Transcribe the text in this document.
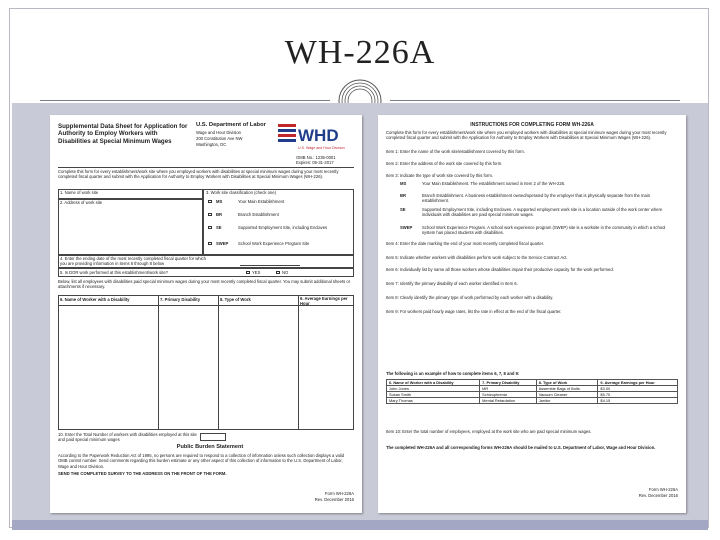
WH-226A
Supplemental Data Sheet for Application for Authority to Employ Workers with Disabilities at Special Minimum Wages
U.S. Department of Labor
Wage and Hour Division
200 Constitution Ave NW
Washington, DC	WHD
U.S. Wage and Hour Division
OMB No.: 1235-0001
Expires: 05-31-2017
Complete this form for every establishment/work site where you employed workers with disabilities at special minimum wages during your most recently completed fiscal quarter and submit with the Application for Authority to Employ Workers with Disabilities at Special Minimum Wages (WH-226).
1. Name of work site
2. Address of work site
3. Work site classification (check one)
MS	Your Main Establishment
BR	Branch Establishment
SE	Supported Employment Site, including Enclaves
SWEP School Work Experience Program Site
4. Enter the ending date of the most recently completed fiscal quarter for which you are providing information in items 6 through 8 below
5. Is DOR work performed at this establishment/work site?	YES	NO
Below, list all employees with disabilities paid special minimum wages during your most recently completed fiscal quarter. You may submit additional sheets or attachments if necessary.
6. Name of Worker with a Disability	7. Primary Disability	8. Type of Work	9. Average Earnings per Hour
10. Enter the Total Number of workers with disabilities employed at this site and paid special minimum wages
Public Burden Statement
According to the Paperwork Reduction Act of 1995, no persons are required to respond to a collection of information unless such collection displays a valid OMB control number. Send comments regarding this burden estimate or any other aspect of this collection of information to the U.S. Department of Labor, Wage and Hour Division.
SEND THE COMPLETED SURVEY TO THE ADDRESS ON THE FRONT OF THE FORM.
Form WH-226A
Rev. December 2016
INSTRUCTIONS FOR COMPLETING FORM WH-226A
Complete this form for every establishment/work site where you employed workers with disabilities at special minimum wages during your most recently completed fiscal quarter and submit with the Application for Authority to Employ Workers with Disabilities at Special Minimum Wages (WH-226).
Item 1: Enter the name of the work site/establishment covered by this form.
Item 2: Enter the address of the work site covered by this form.
Item 3: Indicate the type of work site covered by this form.
MS	Your Main Establishment. The establishment named in Item 2 of the WH-226.
BR	Branch Establishment. A business establishment owned/operated by the employer that is physically separate from the main establishment.
SE	Supported Employment Site, including Enclaves. A supported employment work site is a location outside of the work center where individuals with disabilities are paid special minimum wages.
SWEP School Work Experience Program. A school work experience program (SWEP) site is a worksite in the community in which a school system has placed students with disabilities.
Item 4: Enter the date marking the end of your most recently completed fiscal quarter.
Item 5: Indicate whether workers with disabilities perform work subject to the Service Contract Act.
Item 6: Individually list by name all those workers whose disabilities impair their productive capacity for the work performed.
Item 7: Identify the primary disability of each worker identified in Item 6.
Item 8: Clearly identify the primary type of work performed by each worker with a disability.
Item 9: For workers paid hourly wage rates, list the rate in effect at the end of the fiscal quarter.
The following is an example of how to complete items 6, 7, 8 and 9:
6. Name of Worker with a Disability	7. Primary Disability	8. Type of Work	9. Average Earnings per Hour
John Jones	MR	Assemble Bags of Bolts	$3.00
Susan Smith	Schizophrenia	Vacuum Cleaner	$5.70
Mary Thomas	Mental Retardation	Janitor	$4.15
Item 10: Enter the total number of employees, employed at the work site who are paid special minimum wages.
The completed WH-226A and all corresponding forms WH-226A should be mailed to U.S. Department of Labor, Wage and Hour Division.
Form WH-226A
Rev. December 2016
